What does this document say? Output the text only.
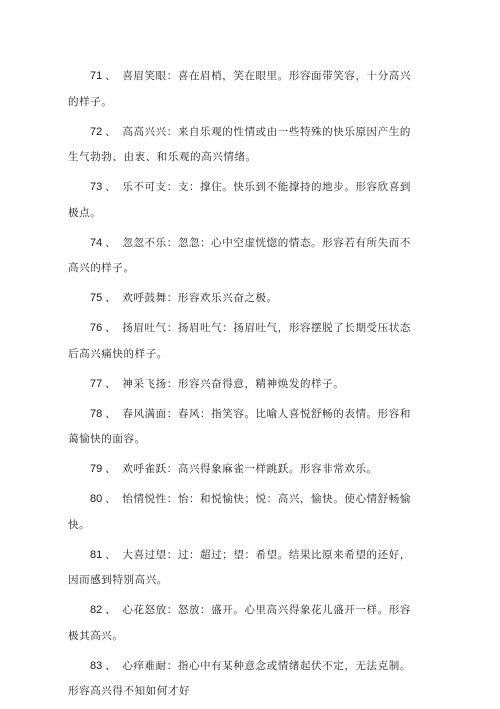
71 、 喜眉笑眼：喜在眉梢，笑在眼里。形容面带笑容，十分高兴的样子。
72 、 高高兴兴：来自乐观的性情或由一些特殊的快乐原因产生的生气勃勃、由衷、和乐观的高兴情绪。
73 、 乐不可支：支：撑住。快乐到不能撑持的地步。形容欣喜到极点。
74 、 忽忽不乐：忽忽：心中空虚恍惚的情态。形容若有所失而不高兴的样子。
75 、 欢呼鼓舞：形容欢乐兴奋之极。
76 、 扬眉吐气：扬眉吐气：扬眉吐气，形容摆脱了长期受压状态后高兴痛快的样子。
77 、 神采飞扬：形容兴奋得意，精神焕发的样子。
78 、 春风满面：春风：指笑容。比喻人喜悦舒畅的表情。形容和蔼愉快的面容。
79 、 欢呼雀跃：高兴得象麻雀一样跳跃。形容非常欢乐。
80 、 怡情悦性：怡：和悦愉快；悦：高兴，愉快。使心情舒畅愉快。
81 、 大喜过望：过：超过；望：希望。结果比原来希望的还好，因而感到特别高兴。
82 、 心花怒放：怒放：盛开。心里高兴得象花儿盛开一样。形容极其高兴。
83 、 心痒难耐：指心中有某种意念或情绪起伏不定，无法克制。形容高兴得不知如何才好
